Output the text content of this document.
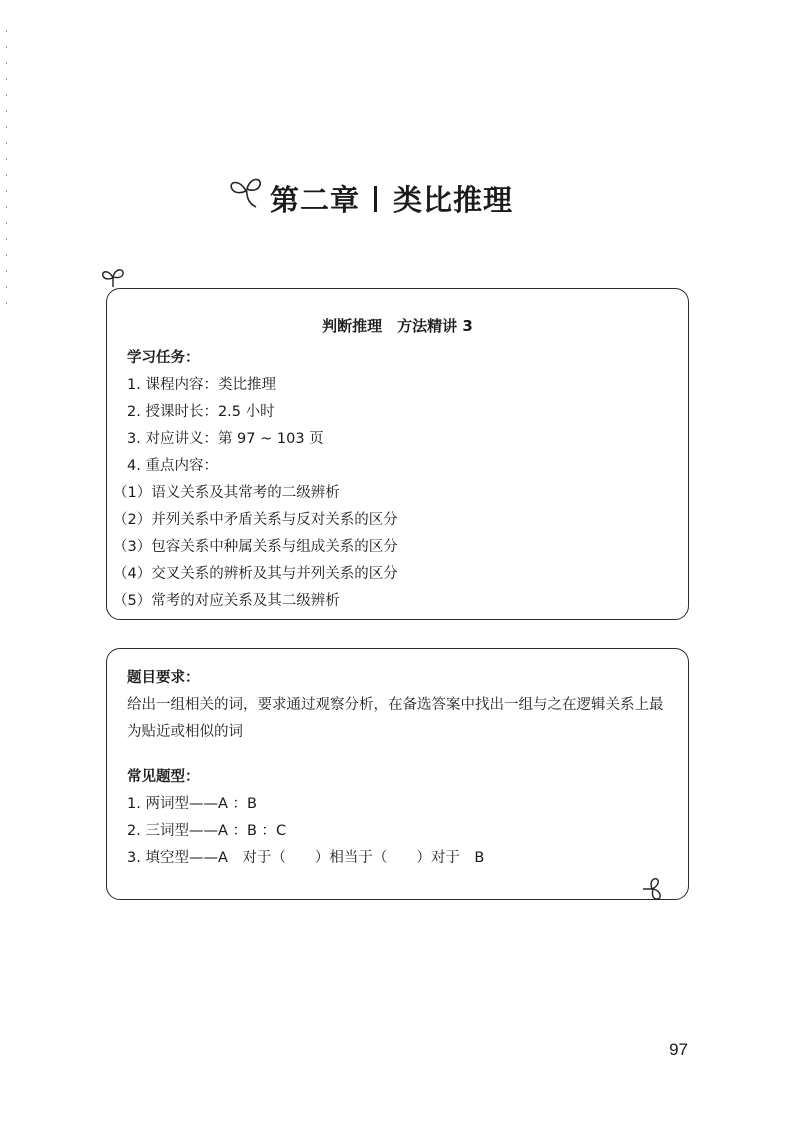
第二章 类比推理
判断推理　方法精讲 3
学习任务：
1. 课程内容：类比推理
2. 授课时长：2.5 小时
3. 对应讲义：第 97 ~ 103 页
4. 重点内容：
（1）语义关系及其常考的二级辨析
（2）并列关系中矛盾关系与反对关系的区分
（3）包容关系中种属关系与组成关系的区分
（4）交叉关系的辨析及其与并列关系的区分
（5）常考的对应关系及其二级辨析
题目要求：
给出一组相关的词，要求通过观察分析，在备选答案中找出一组与之在逻辑关系上最为贴近或相似的词
常见题型：
1. 两词型——A ：B
2. 三词型——A ：B ：C
3. 填空型——A　对于（　　）相当于（　　）对于　B
97
